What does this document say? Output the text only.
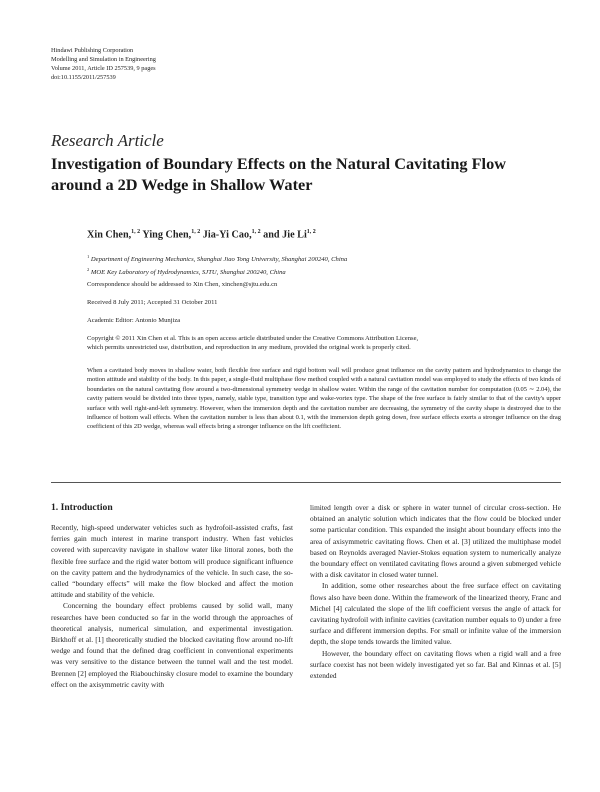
Hindawi Publishing Corporation
Modelling and Simulation in Engineering
Volume 2011, Article ID 257539, 9 pages
doi:10.1155/2011/257539
Research Article
Investigation of Boundary Effects on the Natural Cavitating Flow
around a 2D Wedge in Shallow Water
Xin Chen,$^{1, 2}$ Ying Chen,$^{1, 2}$ Jia-Yi Cao,$^{1, 2}$ and Jie Li$^{1, 2}$
$^1$ Department of Engineering Mechanics, Shanghai Jiao Tong University, Shanghai 200240, China
$^2$ MOE Key Laboratory of Hydrodynamics, SJTU, Shanghai 200240, China
Correspondence should be addressed to Xin Chen, xinchen@sjtu.edu.cn
Received 8 July 2011; Accepted 31 October 2011
Academic Editor: Antonio Munjiza
Copyright © 2011 Xin Chen et al. This is an open access article distributed under the Creative Commons Attribution License,
which permits unrestricted use, distribution, and reproduction in any medium, provided the original work is properly cited.

When a cavitated body moves in shallow water, both flexible free surface and rigid bottom wall will produce great influence on the cavity pattern and hydrodynamics to change the motion attitude and stability of the body. In this paper, a single-fluid multiphase flow method coupled with a natural cavitation model was employed to study the effects of two kinds of boundaries on the natural cavitating flow around a two-dimensional symmetry wedge in shallow water. Within the range of the cavitation number for computation (0.05 ∼ 2.04), the cavity pattern would be divided into three types, namely, stable type, transition type and wake-vortex type. The shape of the free surface is fairly similar to that of the cavity's upper surface with well right-and-left symmetry. However, when the immersion depth and the cavitation number are decreasing, the symmetry of the cavity shape is destroyed due to the influence of bottom wall effects. When the cavitation number is less than about 0.1, with the immersion depth going down, free surface effects exerts a stronger influence on the drag coefficient of this 2D wedge, whereas wall effects bring a stronger influence on the lift coefficient.

1. Introduction

Recently, high-speed underwater vehicles such as hydrofoil-assisted crafts, fast ferries gain much interest in marine transport industry. When fast vehicles covered with supercavity navigate in shallow water like littoral zones, both the flexible free surface and the rigid water bottom will produce significant influence on the cavity pattern and the hydrodynamics of the vehicle. In such case, the so-called “boundary effects” will make the flow blocked and affect the motion attitude and stability of the vehicle.

Concerning the boundary effect problems caused by solid wall, many researches have been conducted so far in the world through the approaches of theoretical analysis, numerical simulation, and experimental investigation. Birkhoff et al. [1] theoretically studied the blocked cavitating flow around no-lift wedge and found that the defined drag coefficient in conventional experiments was very sensitive to the distance between the tunnel wall and the test model. Brennen [2] employed the Riabouchinsky closure model to examine the boundary effect on the axisymmetric cavity with

limited length over a disk or sphere in water tunnel of circular cross-section. He obtained an analytic solution which indicates that the flow could be blocked under some particular condition. This expanded the insight about boundary effects into the area of axisymmetric cavitating flows. Chen et al. [3] utilized the multiphase model based on Reynolds averaged Navier-Stokes equation system to numerically analyze the boundary effect on ventilated cavitating flows around a given submerged vehicle with a disk cavitator in closed water tunnel.

In addition, some other researches about the free surface effect on cavitating flows also have been done. Within the framework of the linearized theory, Franc and Michel [4] calculated the slope of the lift coefficient versus the angle of attack for cavitating hydrofoil with infinite cavities (cavitation number equals to 0) under a free surface and different immersion depths. For small or infinite value of the immersion depth, the slope tends towards the limited value.

However, the boundary effect on cavitating flows when a rigid wall and a free surface coexist has not been widely investigated yet so far. Bal and Kinnas et al. [5] extended
